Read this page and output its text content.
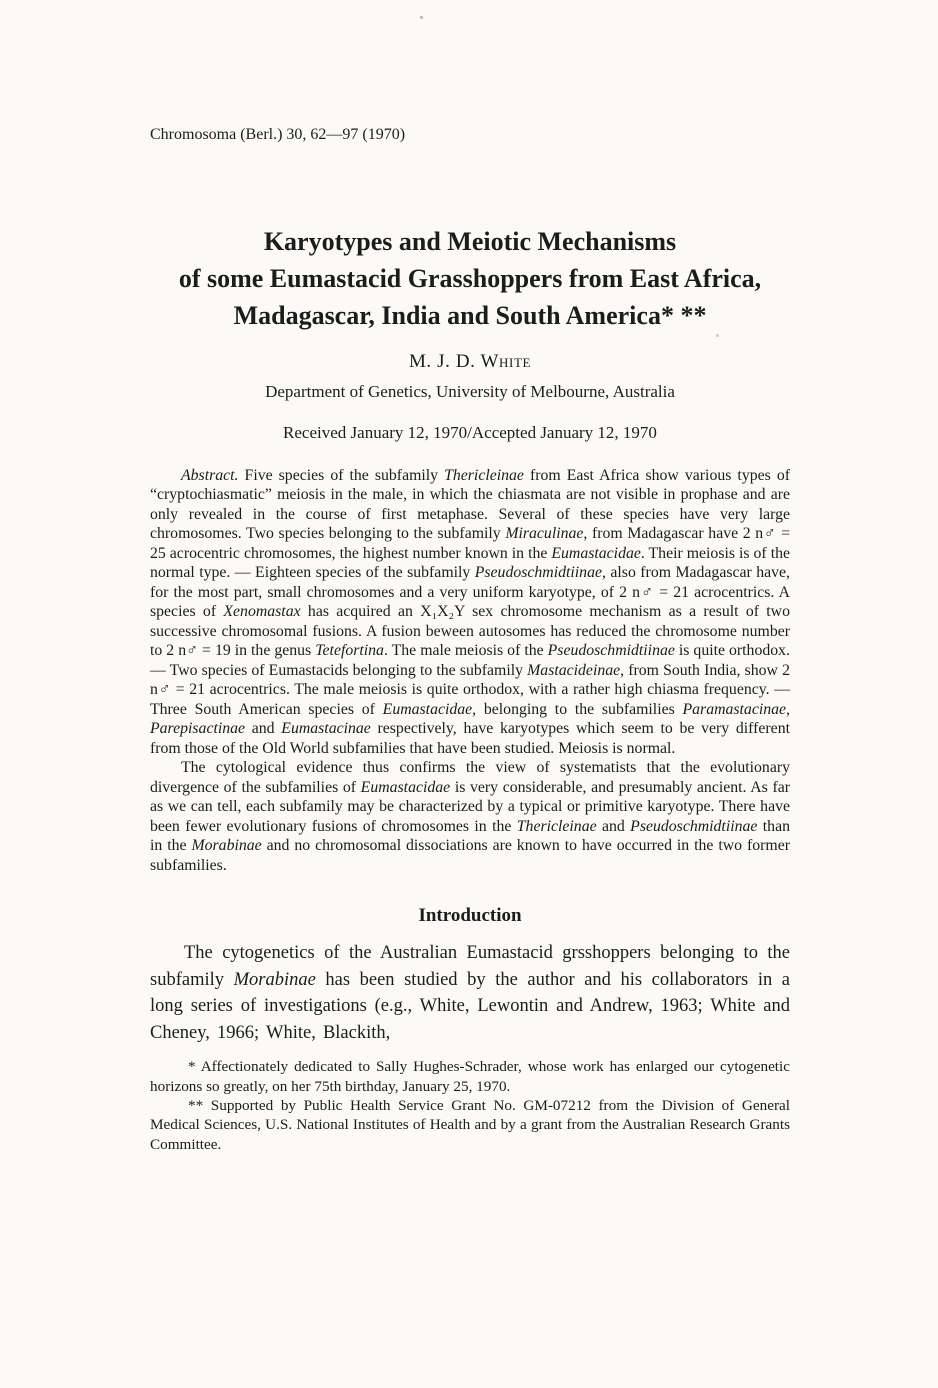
Chromosoma (Berl.) 30, 62—97 (1970)

Karyotypes and Meiotic Mechanisms
of some Eumastacid Grasshoppers from East Africa,
Madagascar, India and South America* **

M. J. D. White

Department of Genetics, University of Melbourne, Australia

Received January 12, 1970/Accepted January 12, 1970

Abstract. Five species of the subfamily Thericleinae from East Africa show various types of “cryptochiasmatic” meiosis in the male, in which the chiasmata are not visible in prophase and are only revealed in the course of first metaphase. Several of these species have very large chromosomes. Two species belonging to the subfamily Miraculinae, from Madagascar have 2 n♂ = 25 acrocentric chromosomes, the highest number known in the Eumastacidae. Their meiosis is of the normal type. — Eighteen species of the subfamily Pseudoschmidtiinae, also from Madagascar have, for the most part, small chromosomes and a very uniform karyotype, of 2 n♂ = 21 acrocentrics. A species of Xenomastax has acquired an X₁X₂Y sex chromosome mechanism as a result of two successive chromosomal fusions. A fusion beween autosomes has reduced the chromosome number to 2 n♂ = 19 in the genus Tetefortina. The male meiosis of the Pseudoschmidtiinae is quite orthodox. — Two species of Eumastacids belonging to the subfamily Mastacideinae, from South India, show 2 n♂ = 21 acrocentrics. The male meiosis is quite orthodox, with a rather high chiasma frequency. — Three South American species of Eumastacidae, belonging to the subfamilies Paramastacinae, Parepisactinae and Eumastacinae respectively, have karyotypes which seem to be very different from those of the Old World subfamilies that have been studied. Meiosis is normal.

The cytological evidence thus confirms the view of systematists that the evolutionary divergence of the subfamilies of Eumastacidae is very considerable, and presumably ancient. As far as we can tell, each subfamily may be characterized by a typical or primitive karyotype. There have been fewer evolutionary fusions of chromosomes in the Thericleinae and Pseudoschmidtiinae than in the Morabinae and no chromosomal dissociations are known to have occurred in the two former subfamilies.

Introduction

The cytogenetics of the Australian Eumastacid grsshoppers belonging to the subfamily Morabinae has been studied by the author and his collaborators in a long series of investigations (e.g., White, Lewontin and Andrew, 1963; White and Cheney, 1966; White, Blackith,

* Affectionately dedicated to Sally Hughes-Schrader, whose work has enlarged our cytogenetic horizons so greatly, on her 75th birthday, January 25, 1970.

** Supported by Public Health Service Grant No. GM-07212 from the Division of General Medical Sciences, U.S. National Institutes of Health and by a grant from the Australian Research Grants Committee.
